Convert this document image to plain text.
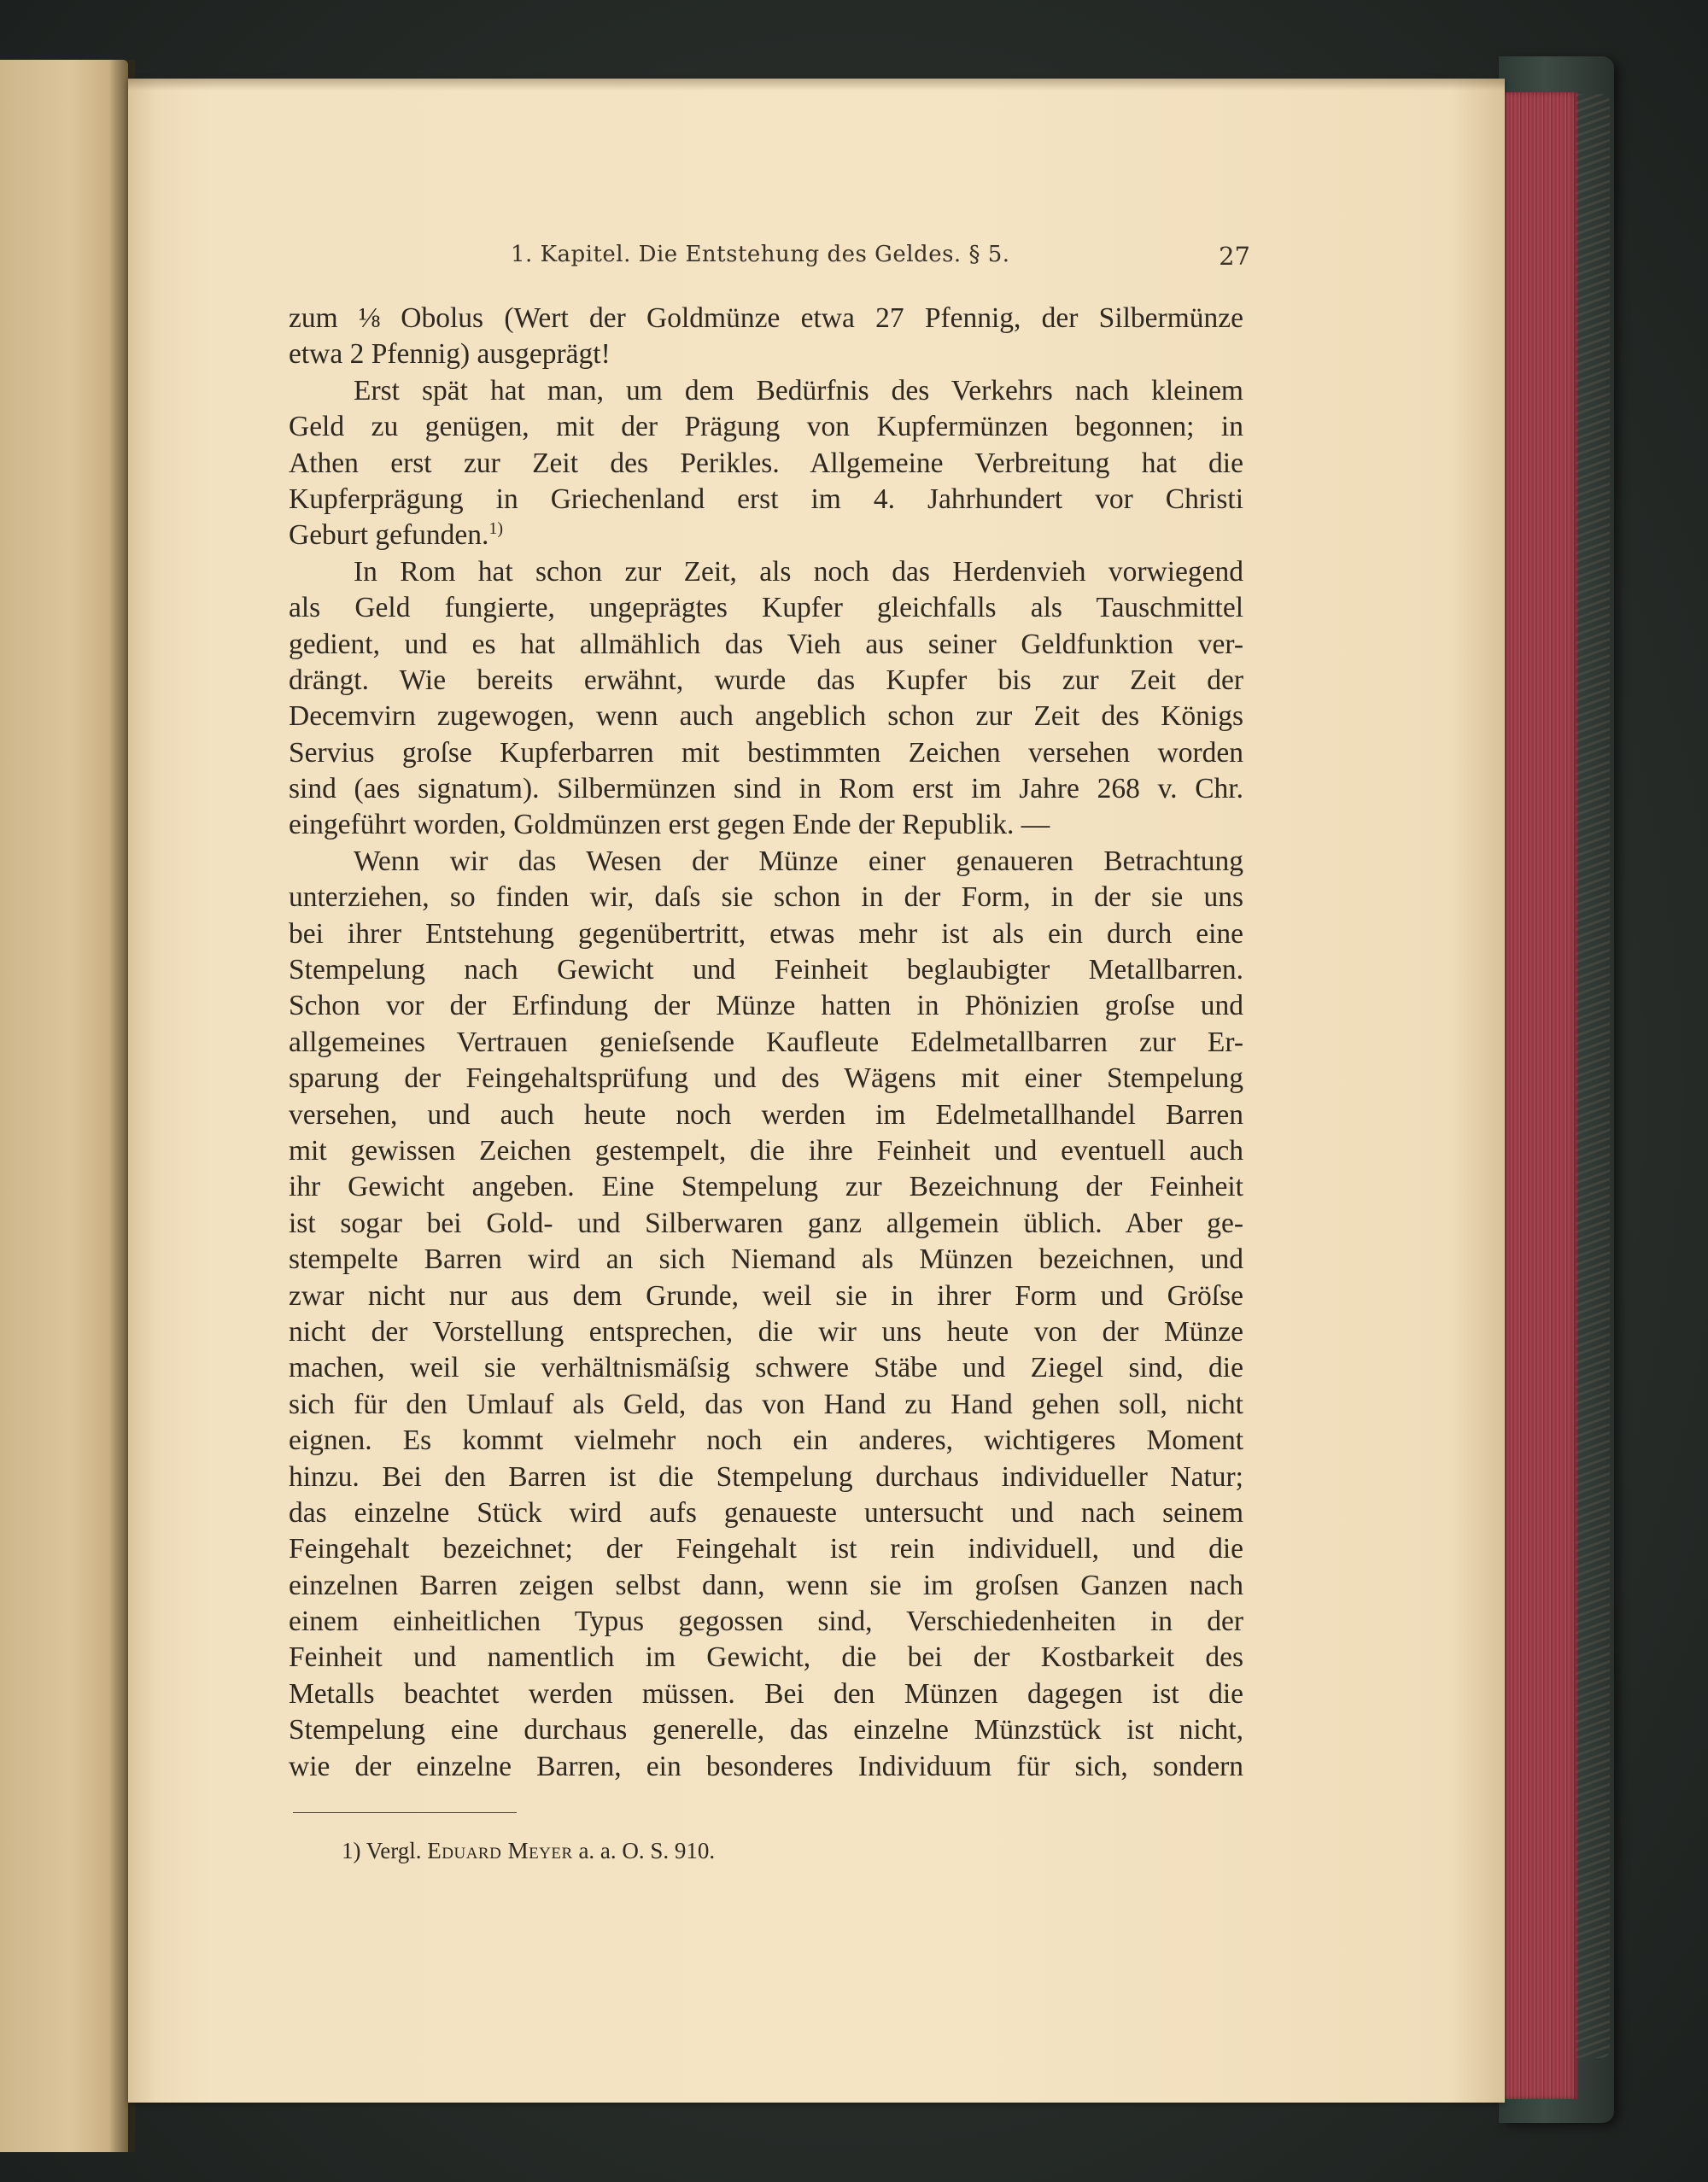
1. Kapitel. Die Entstehung des Geldes. § 5.	27
zum ⅛ Obolus (Wert der Goldmünze etwa 27 Pfennig, der Silbermünze
etwa 2 Pfennig) ausgeprägt!
Erst spät hat man, um dem Bedürfnis des Verkehrs nach kleinem
Geld zu genügen, mit der Prägung von Kupfermünzen begonnen; in
Athen erst zur Zeit des Perikles. Allgemeine Verbreitung hat die
Kupferprägung in Griechenland erst im 4. Jahrhundert vor Christi
Geburt gefunden.$^{1)}$
In Rom hat schon zur Zeit, als noch das Herdenvieh vorwiegend
als Geld fungierte, ungeprägtes Kupfer gleichfalls als Tauschmittel
gedient, und es hat allmählich das Vieh aus seiner Geldfunktion ver-
drängt. Wie bereits erwähnt, wurde das Kupfer bis zur Zeit der
Decemvirn zugewogen, wenn auch angeblich schon zur Zeit des Königs
Servius groſse Kupferbarren mit bestimmten Zeichen versehen worden
sind (aes signatum). Silbermünzen sind in Rom erst im Jahre 268 v. Chr.
eingeführt worden, Goldmünzen erst gegen Ende der Republik. —
Wenn wir das Wesen der Münze einer genaueren Betrachtung
unterziehen, so finden wir, daſs sie schon in der Form, in der sie uns
bei ihrer Entstehung gegenübertritt, etwas mehr ist als ein durch eine
Stempelung nach Gewicht und Feinheit beglaubigter Metallbarren.
Schon vor der Erfindung der Münze hatten in Phönizien groſse und
allgemeines Vertrauen genieſsende Kaufleute Edelmetallbarren zur Er-
sparung der Feingehaltsprüfung und des Wägens mit einer Stempelung
versehen, und auch heute noch werden im Edelmetallhandel Barren
mit gewissen Zeichen gestempelt, die ihre Feinheit und eventuell auch
ihr Gewicht angeben. Eine Stempelung zur Bezeichnung der Feinheit
ist sogar bei Gold- und Silberwaren ganz allgemein üblich. Aber ge-
stempelte Barren wird an sich Niemand als Münzen bezeichnen, und
zwar nicht nur aus dem Grunde, weil sie in ihrer Form und Gröſse
nicht der Vorstellung entsprechen, die wir uns heute von der Münze
machen, weil sie verhältnismäſsig schwere Stäbe und Ziegel sind, die
sich für den Umlauf als Geld, das von Hand zu Hand gehen soll, nicht
eignen. Es kommt vielmehr noch ein anderes, wichtigeres Moment
hinzu. Bei den Barren ist die Stempelung durchaus individueller Natur;
das einzelne Stück wird aufs genaueste untersucht und nach seinem
Feingehalt bezeichnet; der Feingehalt ist rein individuell, und die
einzelnen Barren zeigen selbst dann, wenn sie im groſsen Ganzen nach
einem einheitlichen Typus gegossen sind, Verschiedenheiten in der
Feinheit und namentlich im Gewicht, die bei der Kostbarkeit des
Metalls beachtet werden müssen. Bei den Münzen dagegen ist die
Stempelung eine durchaus generelle, das einzelne Münzstück ist nicht,
wie der einzelne Barren, ein besonderes Individuum für sich, sondern
1) Vergl. Eduard Meyer a. a. O. S. 910.
